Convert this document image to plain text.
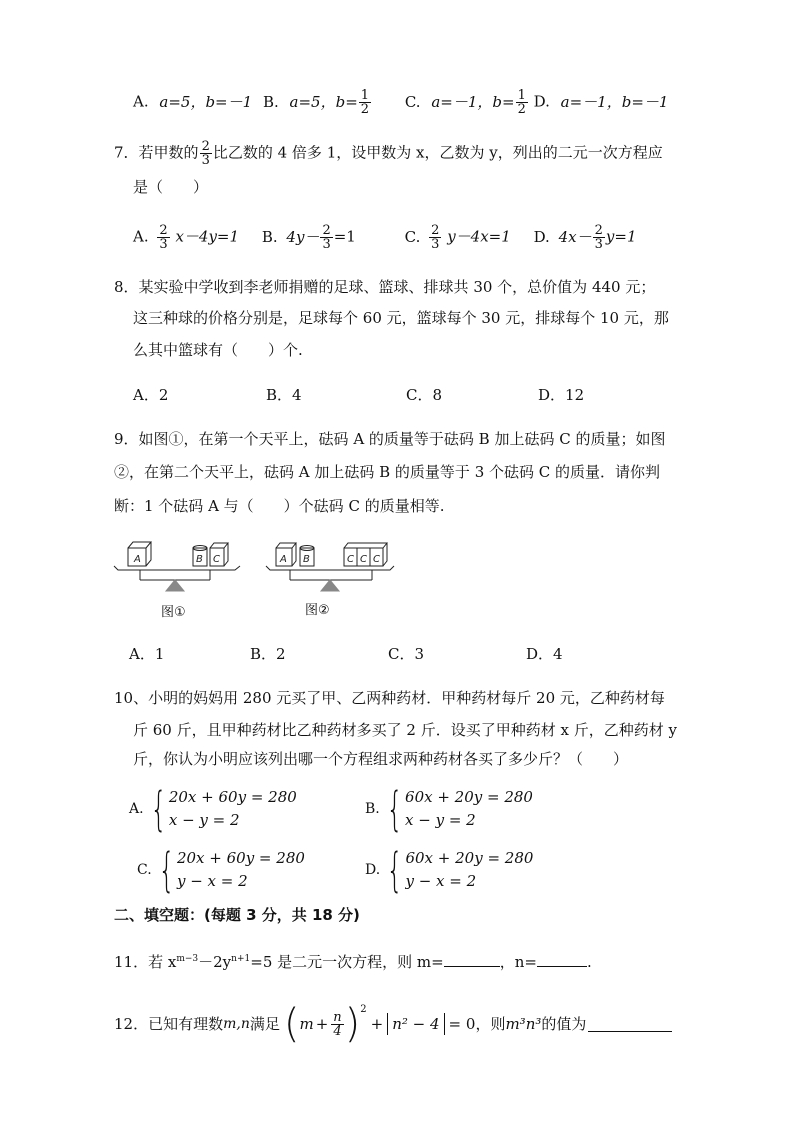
A. a=5，b=－1 B. a=5，$b= \frac{1}{2} C$. a=－1，$b= \frac{1}{2} D$. a=－1，b=－1
7．若甲数的 $\frac{2}{3}$ 比乙数的 4 倍多 1，设甲数为 x，乙数为 y，列出的二元一次方程应
是（　　）
A. $\frac{2}{3} x-4y=1$ B. $4y- \frac{2}{3} =1$	C. $\frac{2}{3} y-4x=1$ D. $4x- \frac{2}{3} y=1$
8．某实验中学收到李老师捐赠的足球、篮球、排球共 30 个，总价值为 440 元；
这三种球的价格分别是，足球每个 60 元，篮球每个 30 元，排球每个 10 元，那
么其中篮球有（　　）个.
A．2	B．4	C．8	D．12
9．如图①，在第一个天平上，砝码 A 的质量等于砝码 B 加上砝码 C 的质量；如图
②，在第二个天平上，砝码 A 加上砝码 B 的质量等于 3 个砝码 C 的质量．请你判
断：1 个砝码 A 与（　　）个砝码 C 的质量相等.
A	B C	A B	C C C
图①	图②
A．1	B．2	C．3	D．4
10、小明的妈妈用 280 元买了甲、乙两种药材．甲种药材每斤 20 元，乙种药材每
斤 60 斤，且甲种药材比乙种药材多买了 2 斤．设买了甲种药材 x 斤，乙种药材 y
斤，你认为小明应该列出哪一个方程组求两种药材各买了多少斤？（　　）
A. { 20x + 60y = 280
x − y = 2
B. { 60x + 20y = 280
x − y = 2
C. { 20x + 60y = 280
y − x = 2
D. { 60x + 20y = 280
y − x = 2
二、填空题：(每题 3 分，共 18 分)
11．若 $x^{m-3}-2y^{n+1}=5$ 是二元一次方程，则 m=	，n=	.
12．已知有理数 m,n 满足 ( $m + \frac{n}{4} )^2$
+ n² − 4 = 0 ，则 m³n³ 的值为
